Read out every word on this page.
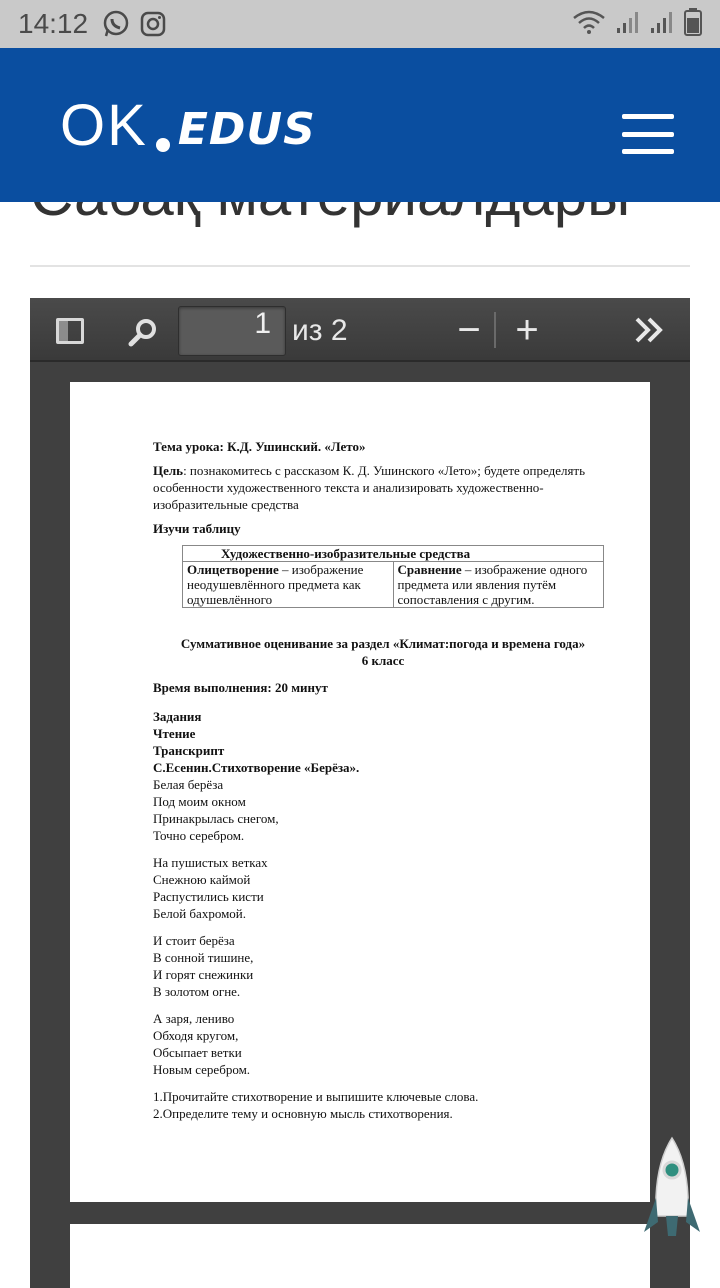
14:12
OK EDUS
1 из 2	− +

Тема урока: К.Д. Ушинский. «Лето»

Цель: познакомитесь с рассказом К. Д. Ушинского «Лето»; будете определять особенности художественного текста и анализировать художественно-изобразительные средства

Изучи таблицу
Художественно-изобразительные средства
Олицетворение – изображение неодушевлённого предмета как одушевлённого	Сравнение – изображение одного предмета или явления путём сопоставления с другим.

Суммативное оценивание за раздел «Климат:погода и времена года»

6 класс

Время выполнения: 20 минут

Задания

Чтение

Транскрипт

С.Есенин.Стихотворение «Берёза».

Белая берёза

Под моим окном

Принакрылась снегом,

Точно серебром.

На пушистых ветках

Снежною каймой

Распустились кисти

Белой бахромой.

И стоит берёза

В сонной тишине,

И горят снежинки

В золотом огне.

А заря, лениво

Обходя кругом,

Обсыпает ветки

Новым серебром.

1.Прочитайте стихотворение и выпишите ключевые слова.

2.Определите тему и основную мысль стихотворения.
